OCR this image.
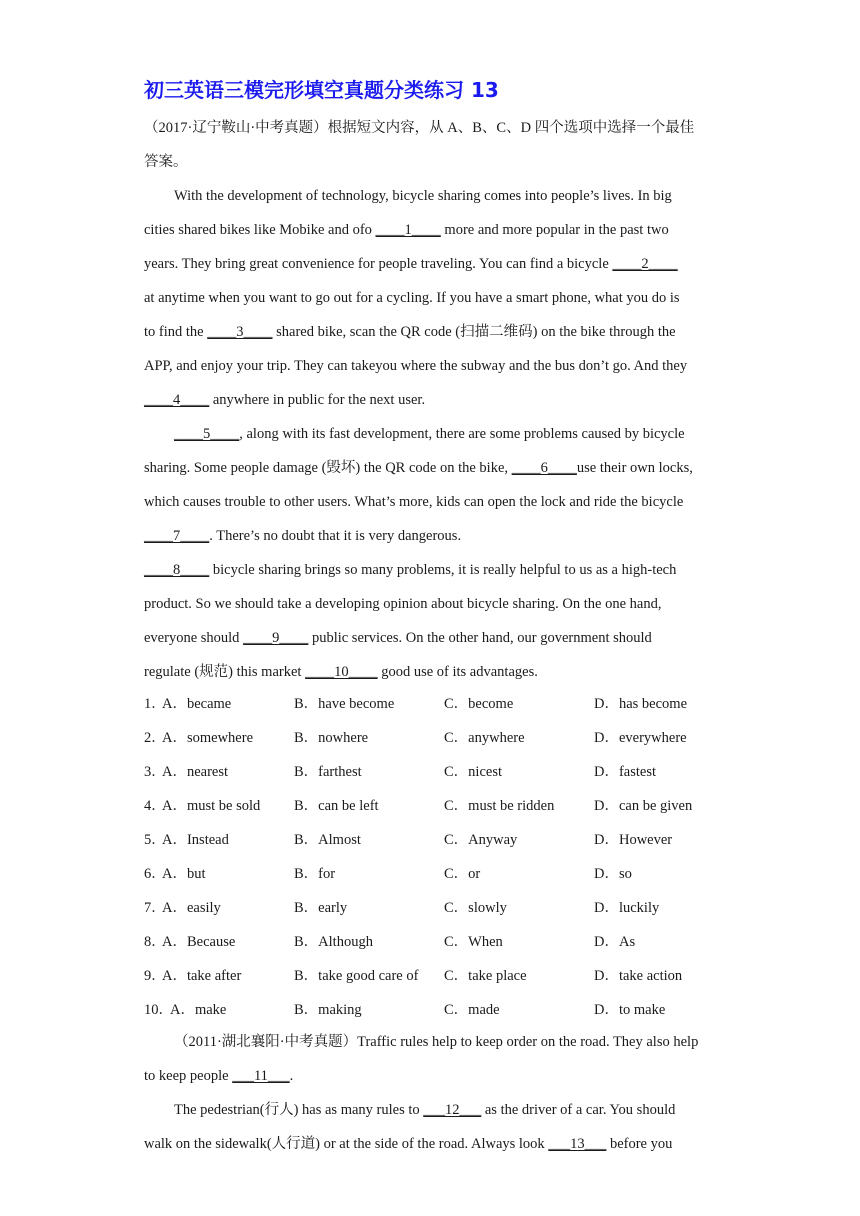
初三英语三模完形填空真题分类练习 13
（2017·辽宁鞍山·中考真题）根据短文内容，从 A、B、C、D 四个选项中选择一个最佳
答案。
With the development of technology, bicycle sharing comes into people’s lives. In big
cities shared bikes like Mobike and ofo ____1____ more and more popular in the past two
years. They bring great convenience for people traveling. You can find a bicycle ____2____
at anytime when you want to go out for a cycling. If you have a smart phone, what you do is
to find the ____3____ shared bike, scan the QR code (扫描二维码) on the bike through the
APP, and enjoy your trip. They can takeyou where the subway and the bus don’t go. And they
____4____ anywhere in public for the next user.
____5____, along with its fast development, there are some problems caused by bicycle
sharing. Some people damage (毁坏) the QR code on the bike, ____6____use their own locks,
which causes trouble to other users. What’s more, kids can open the lock and ride the bicycle
____7____. There’s no doubt that it is very dangerous.
____8____ bicycle sharing brings so many problems, it is really helpful to us as a high-tech
product. So we should take a developing opinion about bicycle sharing. On the one hand,
everyone should ____9____ public services. On the other hand, our government should
regulate (规范) this market ____10____ good use of its advantages.
1．
A．became	B．have become	C．become	D．has become
2．
A．somewhere	B．nowhere	C．anywhere	D．everywhere
3．
A．nearest	B．farthest	C．nicest	D．fastest
4．
A．must be sold B．can be left	C．must be ridden	D．can be given
5．
A．Instead	B．Almost	C．Anyway	D．However
6．
A．but	B．for	C．or	D．so
7．
A．easily	B．early	C．slowly	D．luckily
8．
A．Because	B．Although	C．When	D．As
9．
A．take after	B．take good care of C．take place	D．take action
10．
A．make	B．making	C．made	D．to make
（2011·湖北襄阳·中考真题）Traffic rules help to keep order on the road. They also help
to keep people ___11___.
The pedestrian(行人) has as many rules to ___12___ as the driver of a car. You should
walk on the sidewalk(人行道) or at the side of the road. Always look ___13___ before you
